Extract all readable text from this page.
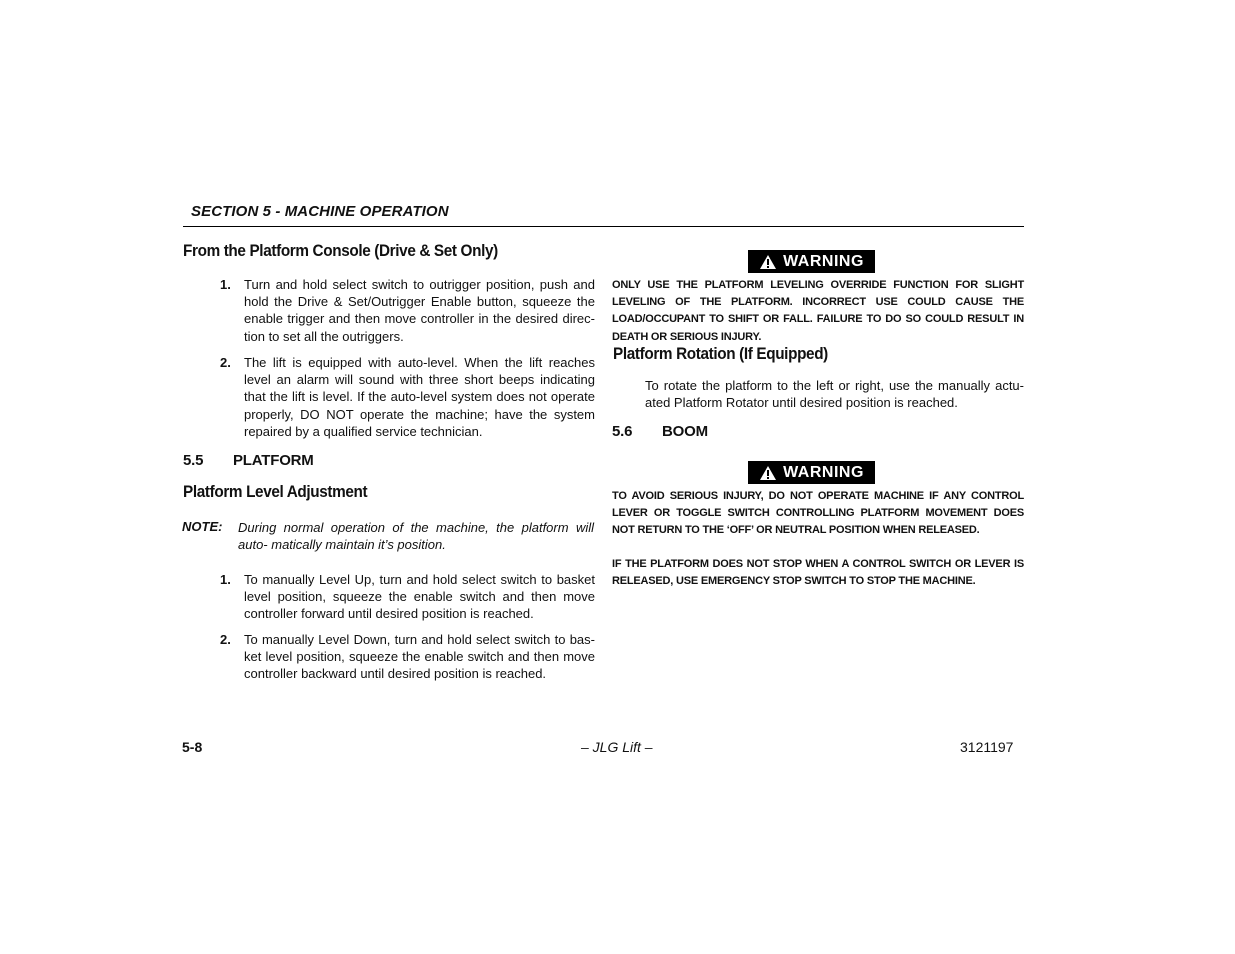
SECTION 5 - MACHINE OPERATION
From the Platform Console (Drive & Set Only)
1. Turn and hold select switch to outrigger position, push and hold the Drive & Set/Outrigger Enable button, squeeze the enable trigger and then move controller in the desired direc- tion to set all the outriggers.
2. The lift is equipped with auto-level. When the lift reaches level an alarm will sound with three short beeps indicating that the lift is level. If the auto-level system does not operate properly, DO NOT operate the machine; have the system repaired by a qualified service technician.
5.5 PLATFORM
Platform Level Adjustment
NOTE: During normal operation of the machine, the platform will auto- matically maintain it’s position.
1. To manually Level Up, turn and hold select switch to basket level position, squeeze the enable switch and then move controller forward until desired position is reached.
2. To manually Level Down, turn and hold select switch to bas- ket level position, squeeze the enable switch and then move controller backward until desired position is reached.
WARNING
ONLY USE THE PLATFORM LEVELING OVERRIDE FUNCTION FOR SLIGHT LEVELING OF THE PLATFORM. INCORRECT USE COULD CAUSE THE LOAD/OCCUPANT TO SHIFT OR FALL. FAILURE TO DO SO COULD RESULT IN DEATH OR SERIOUS INJURY.
Platform Rotation (If Equipped)
To rotate the platform to the left or right, use the manually actu- ated Platform Rotator until desired position is reached.
5.6 BOOM
WARNING
TO AVOID SERIOUS INJURY, DO NOT OPERATE MACHINE IF ANY CONTROL LEVER OR TOGGLE SWITCH CONTROLLING PLATFORM MOVEMENT DOES NOT RETURN TO THE ‘OFF’ OR NEUTRAL POSITION WHEN RELEASED.
IF THE PLATFORM DOES NOT STOP WHEN A CONTROL SWITCH OR LEVER IS RELEASED, USE EMERGENCY STOP SWITCH TO STOP THE MACHINE.
5-8	– JLG Lift –	3121197
